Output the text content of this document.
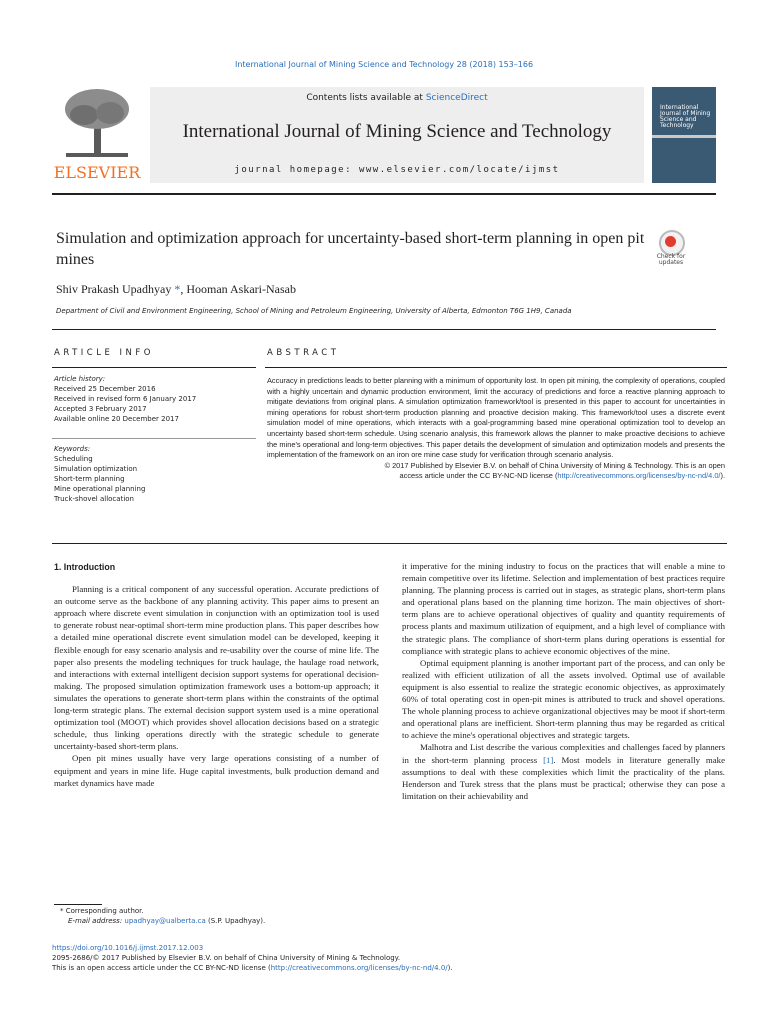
International Journal of Mining Science and Technology 28 (2018) 153–166
ELSEVIER
Contents lists available at ScienceDirect
International Journal of Mining Science and Technology
journal homepage: www.elsevier.com/locate/ijmst
International Journal of Mining Science and Technology
Simulation and optimization approach for uncertainty-based short-term planning in open pit mines	Check for updates
Shiv Prakash Upadhyay *, Hooman Askari-Nasab
Department of Civil and Environment Engineering, School of Mining and Petroleum Engineering, University of Alberta, Edmonton T6G 1H9, Canada
ARTICLE INFO
Article history:
Received 25 December 2016
Received in revised form 6 January 2017
Accepted 3 February 2017
Available online 20 December 2017
Keywords:
Scheduling
Simulation optimization
Short-term planning
Mine operational planning
Truck-shovel allocation
ABSTRACT

Accuracy in predictions leads to better planning with a minimum of opportunity lost. In open pit mining, the complexity of operations, coupled with a highly uncertain and dynamic production environment, limit the accuracy of predictions and force a reactive planning approach to mitigate deviations from original plans. A simulation optimization framework/tool is presented in this paper to account for uncertainties in mining operations for robust short-term production planning and proactive decision making. This framework/tool uses a discrete event simulation model of mine operations, which interacts with a goal-programming based mine operational optimization tool to develop an uncertainty based short-term schedule. Using scenario analysis, this framework allows the planner to make proactive decisions to achieve the mine's operational and long-term objectives. This paper details the development of simulation and optimization models and presents the implementation of the framework on an iron ore mine case study for verification through scenario analysis.

© 2017 Published by Elsevier B.V. on behalf of China University of Mining & Technology. This is an open

access article under the CC BY-NC-ND license (http://creativecommons.org/licenses/by-nc-nd/4.0/).

1. Introduction

Planning is a critical component of any successful operation. Accurate predictions of an outcome serve as the backbone of any planning activity. This paper aims to present an approach where discrete event simulation in conjunction with an optimization tool is used to generate robust near-optimal short-term mine production plans. This paper describes how a detailed mine operational discrete event simulation model can be developed, keeping it flexible enough for easy scenario analysis and re-usability over the course of mine life. The paper also presents the modeling techniques for truck haulage, the haulage road network, and interactions with external intelligent decision support systems for operational decision-making. The proposed simulation optimization framework uses a bottom-up approach; it simulates the operations to generate short-term plans within the constraints of the optimal long-term strategic plans. The external decision support system used is a mine operational optimization tool (MOOT) which provides shovel allocation decisions based on a strategic schedule, thus linking operations directly with the strategic schedule to generate uncertainty-based short-term plans.

Open pit mines usually have very large operations consisting of a number of equipment and years in mine life. Huge capital investments, bulk production demand and market dynamics have made

it imperative for the mining industry to focus on the practices that will enable a mine to remain competitive over its lifetime. Selection and implementation of best practices require planning. The planning process is carried out in stages, as strategic plans, short-term plans and operational plans based on the planning time horizon. The main objectives of short-term plans are to achieve operational objectives of quality and quantity requirements of process plants and maximum utilization of equipment, and a high level of compliance with the strategic plans. The compliance of short-term plans during operations is essential for compliance with strategic plans to achieve economic objectives of the mine.

Optimal equipment planning is another important part of the process, and can only be realized with efficient utilization of all the assets involved. Optimal use of available equipment is also essential to realize the strategic economic objectives, as approximately 60% of total operating cost in open-pit mines is attributed to truck and shovel operations. The whole planning process to achieve organizational objectives may be moot if short-term and operational plans are inefficient. Short-term planning thus may be regarded as critical to achieve the mine's operational objectives and strategic targets.

Malhotra and List describe the various complexities and challenges faced by planners in the short-term planning process [1]. Most models in literature generally make assumptions to deal with these complexities which limit the practicality of the plans. Henderson and Turek stress that the plans must be practical; otherwise they can pose a limitation on their achievability and

* Corresponding author.
E-mail address: upadhyay@ualberta.ca (S.P. Upadhyay).
https://doi.org/10.1016/j.ijmst.2017.12.003
2095-2686/© 2017 Published by Elsevier B.V. on behalf of China University of Mining & Technology.
This is an open access article under the CC BY-NC-ND license (http://creativecommons.org/licenses/by-nc-nd/4.0/).
